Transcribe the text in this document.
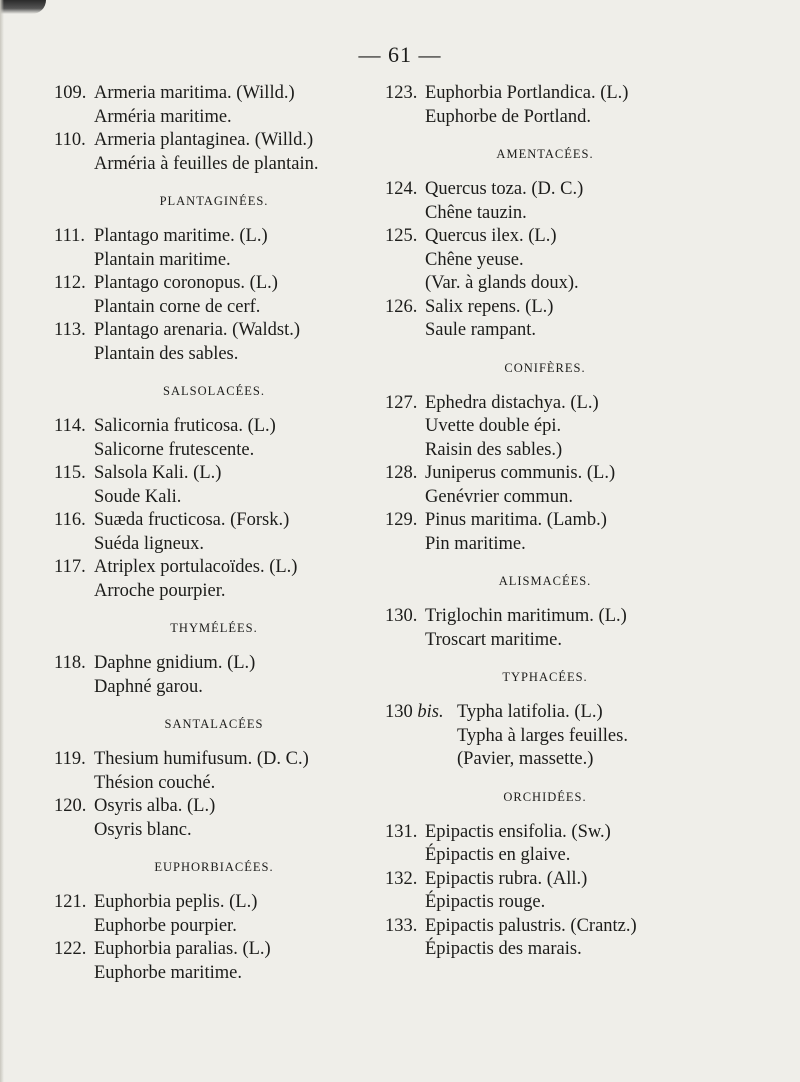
— 61 —
109. Armeria maritima. (Willd.)
Arméria maritime.
110. Armeria plantaginea. (Willd.)
Arméria à feuilles de plantain.
PLANTAGINÉES.
111. Plantago maritime. (L.)
Plantain maritime.
112. Plantago coronopus. (L.)
Plantain corne de cerf.
113. Plantago arenaria. (Waldst.)
Plantain des sables.
SALSOLACÉES.
114. Salicornia fruticosa. (L.)
Salicorne frutescente.
115. Salsola Kali. (L.)
Soude Kali.
116. Suæda fructicosa. (Forsk.)
Suéda ligneux.
117. Atriplex portulacoïdes. (L.)
Arroche pourpier.
THYMÉLÉES.
118. Daphne gnidium. (L.)
Daphné garou.
SANTALACÉES
119. Thesium humifusum. (D. C.)
Thésion couché.
120. Osyris alba. (L.)
Osyris blanc.
EUPHORBIACÉES.
121. Euphorbia peplis. (L.)
Euphorbe pourpier.
122. Euphorbia paralias. (L.)
Euphorbe maritime.
123. Euphorbia Portlandica. (L.)
Euphorbe de Portland.
AMENTACÉES.
124. Quercus toza. (D. C.)
Chêne tauzin.
125. Quercus ilex. (L.)
Chêne yeuse.
(Var. à glands doux).
126. Salix repens. (L.)
Saule rampant.
CONIFÈRES.
127. Ephedra distachya. (L.)
Uvette double épi.
Raisin des sables.)
128. Juniperus communis. (L.)
Genévrier commun.
129. Pinus maritima. (Lamb.)
Pin maritime.
ALISMACÉES.
130. Triglochin maritimum. (L.)
Troscart maritime.
TYPHACÉES.
130 bis. Typha latifolia. (L.)
Typha à larges feuilles.
(Pavier, massette.)
ORCHIDÉES.
131. Epipactis ensifolia. (Sw.)
Épipactis en glaive.
132. Epipactis rubra. (All.)
Épipactis rouge.
133. Epipactis palustris. (Crantz.)
Épipactis des marais.
